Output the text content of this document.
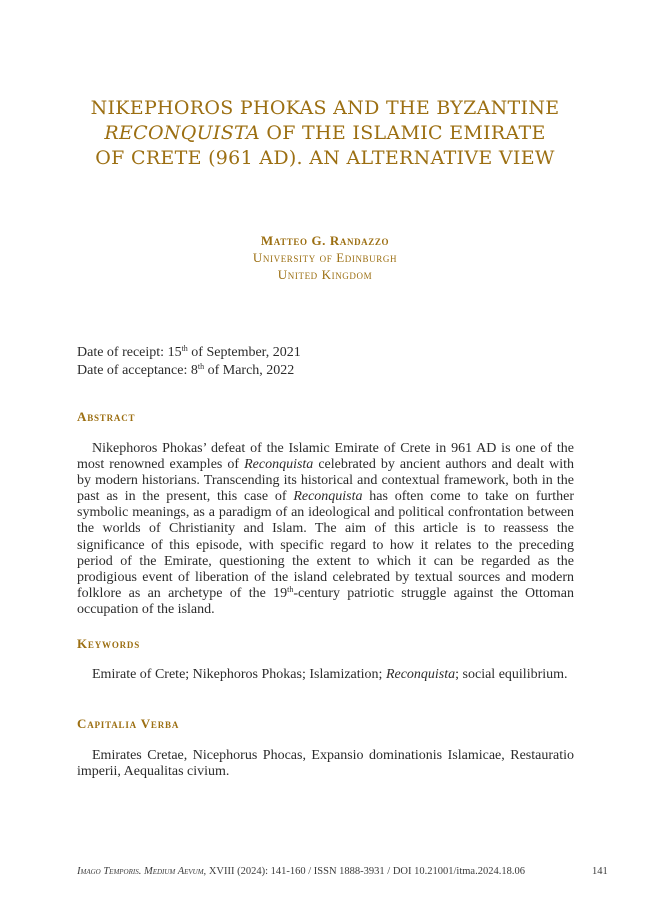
NIKEPHOROS PHOKAS AND THE BYZANTINE
RECONQUISTA OF THE ISLAMIC EMIRATE
OF CRETE (961 AD). AN ALTERNATIVE VIEW
Matteo G. Randazzo
University of Edinburgh
United Kingdom
Date of receipt: 15th of September, 2021
Date of acceptance: 8th of March, 2022
Abstract
Nikephoros Phokas’ defeat of the Islamic Emirate of Crete in 961 AD is one of the most renowned examples of Reconquista celebrated by ancient authors and dealt with by modern historians. Transcending its historical and contextual framework, both in the past as in the present, this case of Reconquista has often come to take on further symbolic meanings, as a paradigm of an ideological and political confrontation between the worlds of Christianity and Islam. The aim of this article is to reassess the significance of this episode, with specific regard to how it relates to the preceding period of the Emirate, questioning the extent to which it can be regarded as the prodigious event of liberation of the island celebrated by textual sources and modern folklore as an archetype of the 19th-century patriotic struggle against the Ottoman occupation of the island.
Keywords
Emirate of Crete; Nikephoros Phokas; Islamization; Reconquista; social equilibrium.
Capitalia Verba
Emirates Cretae, Nicephorus Phocas, Expansio dominationis Islamicae, Restauratio imperii, Aequalitas civium.
Imago Temporis. Medium Aevum, XVIII (2024): 141-160 / ISSN 1888-3931 / DOI 10.21001/itma.2024.18.06	141
